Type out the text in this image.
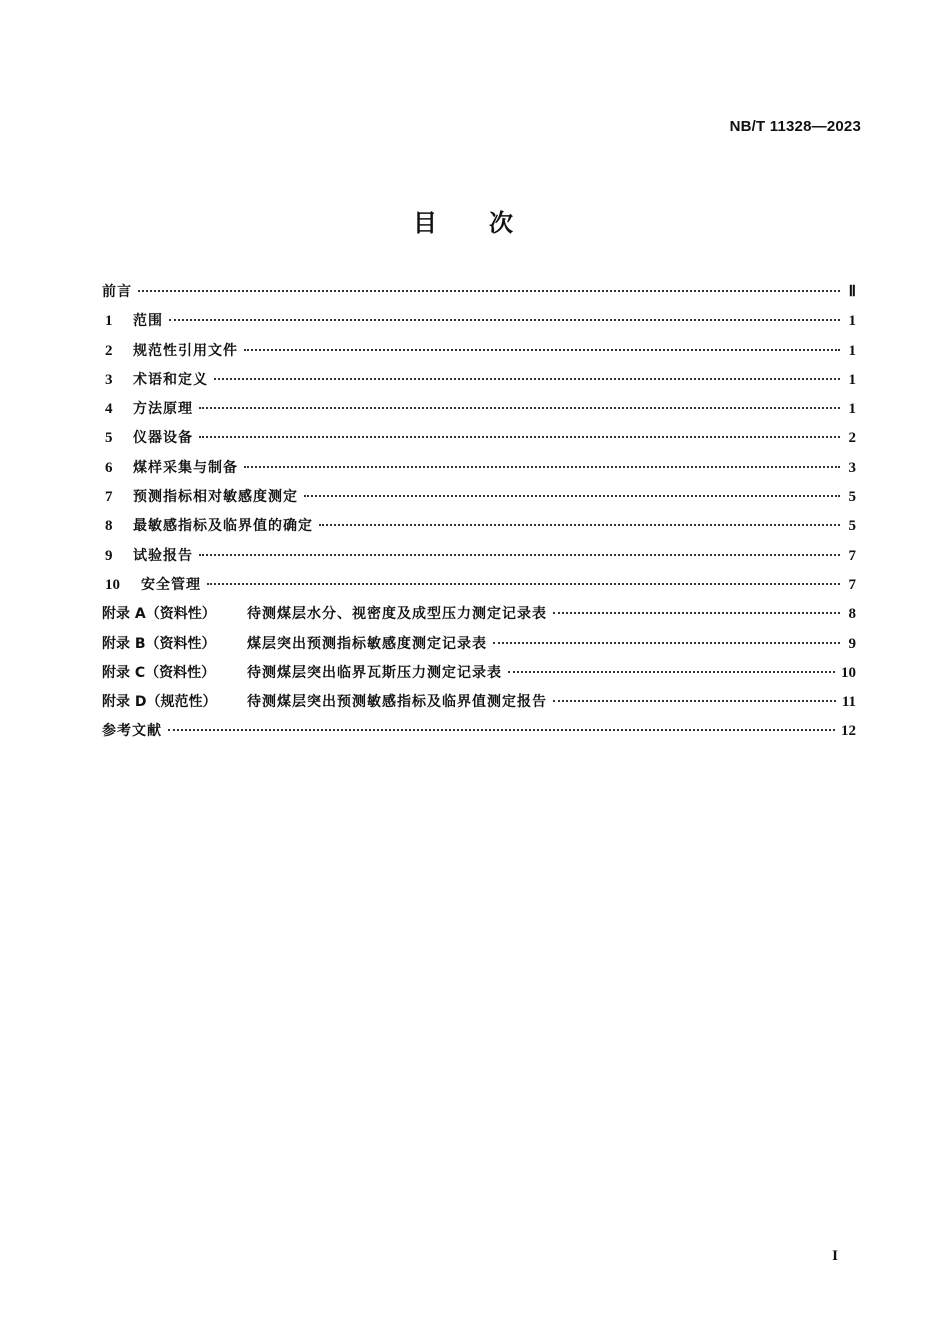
NB/T 11328—2023
目次
前言	Ⅱ
1	范围	1
2	规范性引用文件	1
3	术语和定义	1
4	方法原理	1
5	仪器设备	2
6	煤样采集与制备	3
7	预测指标相对敏感度测定	5
8	最敏感指标及临界值的确定	5
9	试验报告	7
10	安全管理	7
附录 A（资料性）	待测煤层水分、视密度及成型压力测定记录表	8
附录 B（资料性）	煤层突出预测指标敏感度测定记录表	9
附录 C（资料性）	待测煤层突出临界瓦斯压力测定记录表	10
附录 D（规范性）	待测煤层突出预测敏感指标及临界值测定报告	11
参考文献	12
I
